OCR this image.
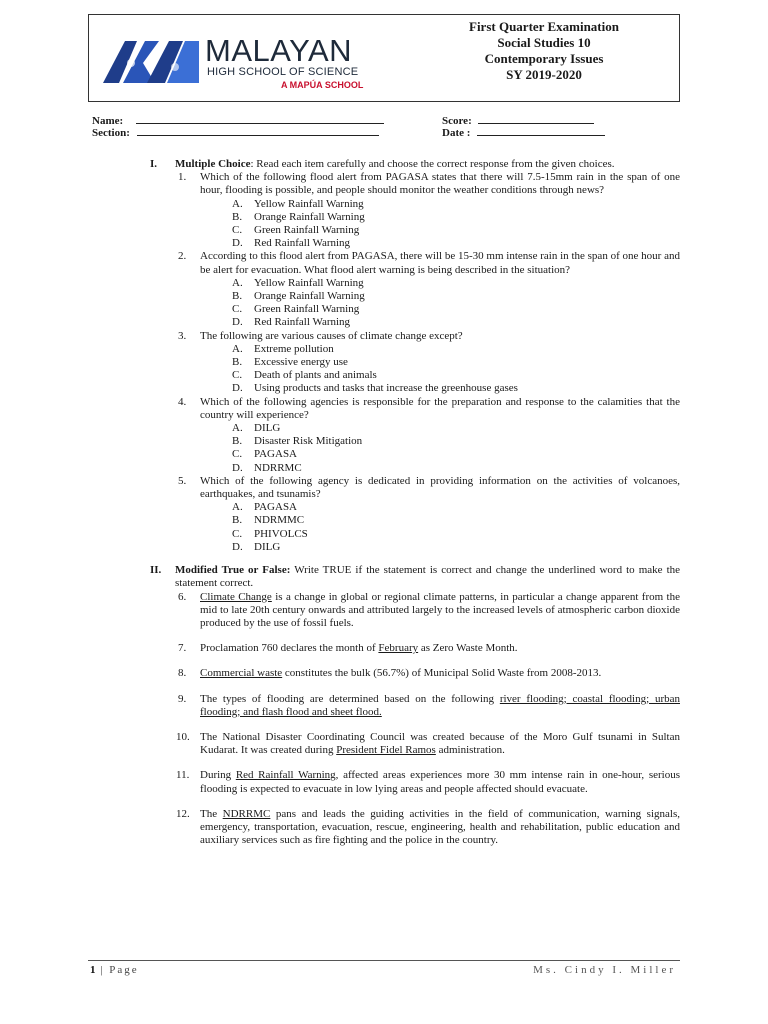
MALAYAN
HIGH SCHOOL OF SCIENCE
A MAPÚA SCHOOL
First Quarter Examination
Social Studies 10
Contemporary Issues
SY 2019-2020
Name:	Score:
Section:	Date :
I. Multiple Choice: Read each item carefully and choose the correct response from the given choices.
1. Which of the following flood alert from PAGASA states that there will 7.5-15mm rain in the span of one hour, flooding is possible, and people should monitor the weather conditions through news?
A. Yellow Rainfall Warning
B. Orange Rainfall Warning
C. Green Rainfall Warning
D. Red Rainfall Warning
2. According to this flood alert from PAGASA, there will be 15-30 mm intense rain in the span of one hour and be alert for evacuation. What flood alert warning is being described in the situation?
A. Yellow Rainfall Warning
B. Orange Rainfall Warning
C. Green Rainfall Warning
D. Red Rainfall Warning
3. The following are various causes of climate change except?
A. Extreme pollution
B. Excessive energy use
C. Death of plants and animals
D. Using products and tasks that increase the greenhouse gases
4. Which of the following agencies is responsible for the preparation and response to the calamities that the country will experience?
A. DILG
B. Disaster Risk Mitigation
C. PAGASA
D. NDRRMC
5. Which of the following agency is dedicated in providing information on the activities of volcanoes, earthquakes, and tsunamis?
A. PAGASA
B. NDRMMC
C. PHIVOLCS
D. DILG
II. Modified True or False: Write TRUE if the statement is correct and change the underlined word to make the statement correct.
6. Climate Change is a change in global or regional climate patterns, in particular a change apparent from the mid to late 20th century onwards and attributed largely to the increased levels of atmospheric carbon dioxide produced by the use of fossil fuels.
7. Proclamation 760 declares the month of February as Zero Waste Month.
8. Commercial waste constitutes the bulk (56.7%) of Municipal Solid Waste from 2008-2013.
9. The types of flooding are determined based on the following river flooding; coastal flooding; urban flooding; and flash flood and sheet flood.
10. The National Disaster Coordinating Council was created because of the Moro Gulf tsunami in Sultan Kudarat. It was created during President Fidel Ramos administration.
11. During Red Rainfall Warning, affected areas experiences more 30 mm intense rain in one-hour, serious flooding is expected to evacuate in low lying areas and people affected should evacuate.
12. The NDRRMC pans and leads the guiding activities in the field of communication, warning signals, emergency, transportation, evacuation, rescue, engineering, health and rehabilitation, public education and auxiliary services such as fire fighting and the police in the country.
1 | Page	Ms. Cindy I. Miller
